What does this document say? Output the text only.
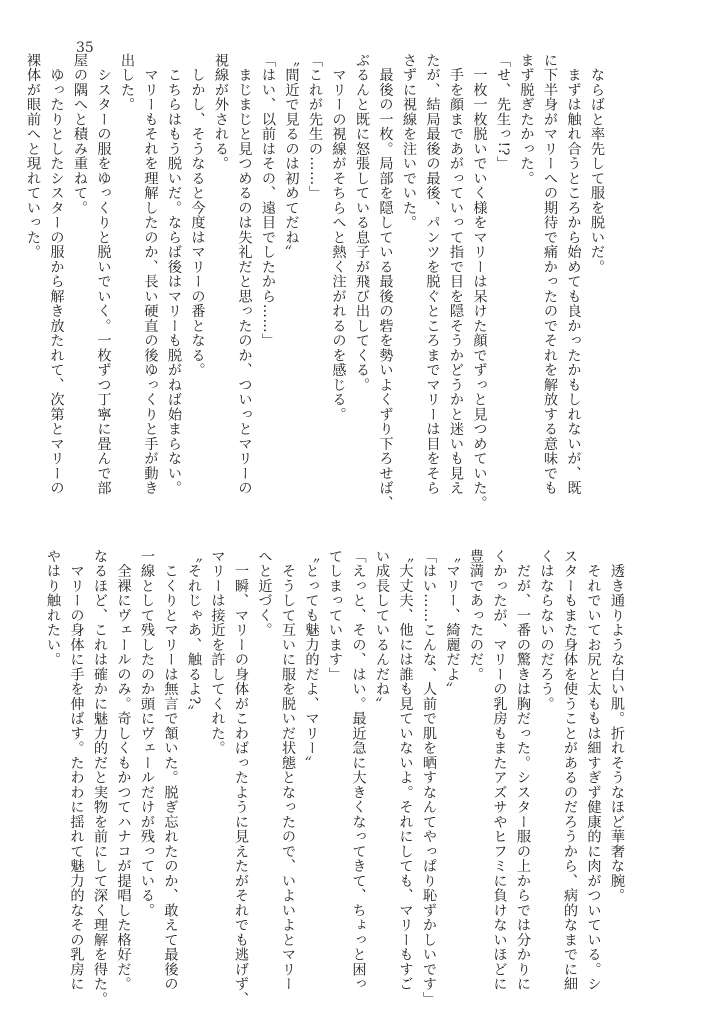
35
　ならばと率先して服を脱いだ。
　まずは触れ合うところから始めても良かったかもしれないが、既
に下半身がマリーへの期待で痛かったのでそれを解放する意味でも
まず脱ぎたかった。
「せ、先生っ!?」
　一枚一枚脱いでいく様をマリーは呆けた顔でずっと見つめていた。
　手を顔まであがっていって指で目を隠そうかどうかと迷いも見え
たが、結局最後の最後、パンツを脱ぐところまでマリーは目をそら
さずに視線を注いでいた。
　最後の一枚。局部を隠している最後の砦を勢いよくずり下ろせば、
ぶるんと既に怒張している息子が飛び出してくる。
　マリーの視線がそちらへと熱く注がれるのを感じる。
「これが先生の……」
〝間近で見るのは初めてだね〟
「はい、以前はその、遠目でしたから……」
　まじまじと見つめるのは失礼だと思ったのか、ついっとマリーの
視線が外される。
　しかし、そうなると今度はマリーの番となる。
　こちらはもう脱いだ。ならば後はマリーも脱がねば始まらない。
　マリーもそれを理解したのか、長い硬直の後ゆっくりと手が動き
出した。
　シスターの服をゆっくりと脱いでいく。一枚ずつ丁寧に畳んで部
屋の隅へと積み重ねて。
　ゆったりとしたシスターの服から解き放たれて、次第とマリーの
裸体が眼前へと現れていった。
　透き通りような白い肌。折れそうなほど華奢な腕。
　それでいてお尻と太ももは細すぎず健康的に肉がついている。シ
スターもまた身体を使うことがあるのだろうから、病的なまでに細
くはならないのだろう。
　だが、一番の驚きは胸だった。シスター服の上からでは分かりに
くかったが、マリーの乳房もまたアズサやヒフミに負けないほどに
豊満であったのだ。
〝マリー、綺麗だよ〟
「はい……こんな、人前で肌を晒すなんてやっぱり恥ずかしいです」
〝大丈夫、他には誰も見ていないよ。それにしても、マリーもすご
い成長しているんだね〟
「えっと、その、はい。最近急に大きくなってきて、ちょっと困っ
てしまっています」
〝とっても魅力的だよ、マリー〟
　そうして互いに服を脱いだ状態となったので、いよいよとマリー
へと近づく。
　一瞬、マリーの身体がこわばったように見えたがそれでも逃げず、
マリーは接近を許してくれた。
〝それじゃあ、触るよ?〟
　こくりとマリーは無言で頷いた。脱ぎ忘れたのか、敢えて最後の
一線として残したのか頭にヴェールだけが残っている。
　全裸にヴェールのみ。奇しくもかつてハナコが提唱した格好だ。
なるほど、これは確かに魅力的だと実物を前にして深く理解を得た。
　マリーの身体に手を伸ばす。たわわに揺れて魅力的なその乳房に
やはり触れたい。
